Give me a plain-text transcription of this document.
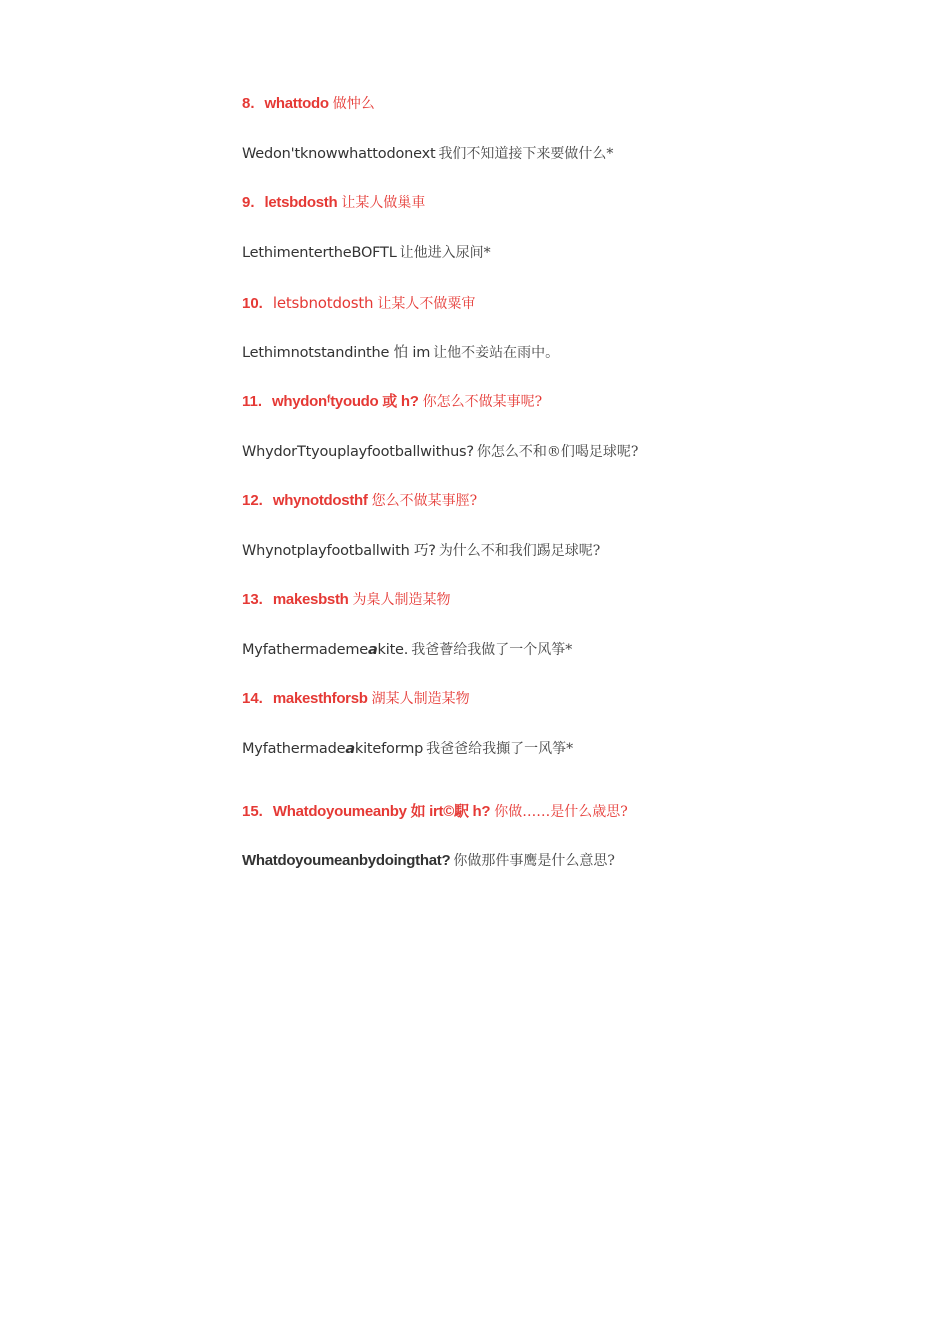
8. whattodo 做忡么
Wedon'tknowwhattodonext 我们不知道接下来要做什么*
9. letsbdosth 让某人做巢車
LethimentertheBOFTL 让他进入尿间*
10. letsbnotdosth 让某人不做粟审
Lethimnotstandinthe 怕 im 让他不妾站在雨中。
11. whydonᶠtyoudo 或 h? 你怎么不做某事呢?
WhydorTtyouplayfootballwithus? 你怎么不和®们喝足球呢?
12. whynotdosthf 您么不做某事脛?
Whynotplayfootballwith 巧? 为什么不和我们踢足球呢?
13. makesbsth 为臬人制造某物
Myfathermademe𝙖kite. 我爸薈给我做了一个风筝*
14. makesthforsb 湖某人制造某物
Myfathermade𝙖kiteformp 我爸爸给我攧了一风筝*
15. Whatdoyoumeanby 如 irt©駅 h? 你做……是什么歳思?
Whatdoyoumeanbydoingthat? 你做那件事鹰是什么意思?
